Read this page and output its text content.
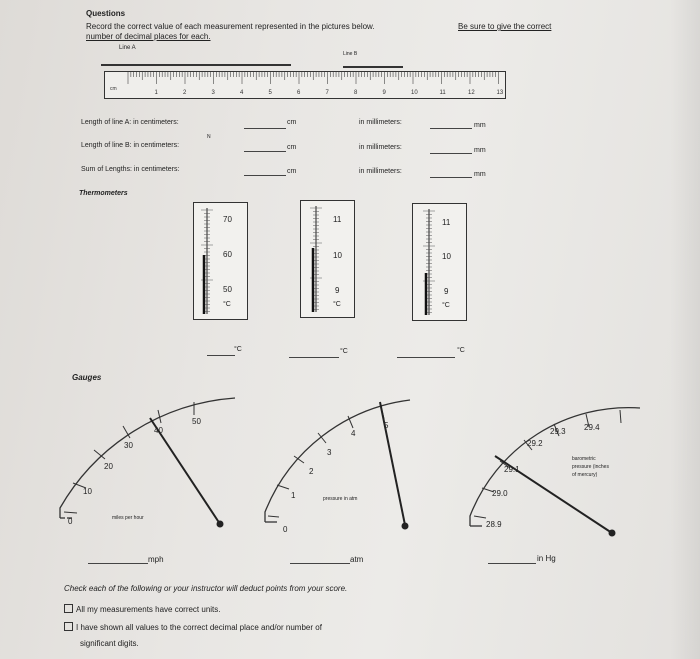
Questions
Record the correct value of each measurement represented in the pictures below.	Be sure to give the correct
number of decimal places for each.
Line A
Line B
1	2	3	4	5	6	7	8	9	10	11	12	13
cm
Length of line A: in centimeters:	cm	in millimeters:	mm
N
Length of line B: in centimeters:	cm	in millimeters:	mm
Sum of Lengths: in centimeters:	cm	in millimeters:	mm
Thermometers
70
60
50
°C
11
10
9
°C
11
10
9
°C
°C	°C	°C
Gauges
0
10
20
30
40
50
miles per hour
0
1
2
3
4
5
pressure in atm
28.9
29.0
29.1
29.2
29.3 29.4
barometric
pressure (inches
of mercury)
mph	atm	in Hg
Check each of the following or your instructor will deduct points from your score.
All my measurements have correct units.
I have shown all values to the correct decimal place and/or number of
significant digits.
